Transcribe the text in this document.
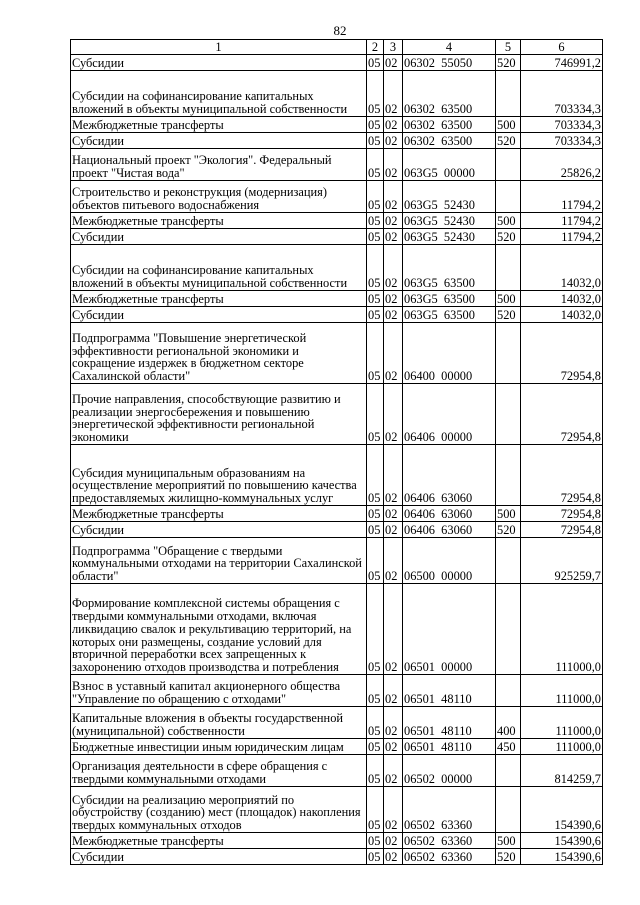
82
1	2	3	4	5	6
Субсидии	05	02	06302  55050	520	746991,2
Субсидии на софинансирование капитальных вложений в объекты муниципальной собственности	05	02	06302  63500		703334,3
Межбюджетные трансферты	05	02	06302  63500	500	703334,3
Субсидии	05	02	06302  63500	520	703334,3
Национальный проект "Экология". Федеральный проект "Чистая вода"	05	02	063G5  00000		25826,2
Строительство и реконструкция (модернизация) объектов питьевого водоснабжения	05	02	063G5  52430		11794,2
Межбюджетные трансферты	05	02	063G5  52430	500	11794,2
Субсидии	05	02	063G5  52430	520	11794,2
Субсидии на софинансирование капитальных вложений в объекты муниципальной собственности	05	02	063G5  63500		14032,0
Межбюджетные трансферты	05	02	063G5  63500	500	14032,0
Субсидии	05	02	063G5  63500	520	14032,0
Подпрограмма "Повышение энергетической эффективности региональной экономики и сокращение издержек в бюджетном секторе Сахалинской области"	05	02	06400  00000		72954,8
Прочие направления, способствующие развитию и реализации энергосбережения и повышению энергетической эффективности региональной экономики	05	02	06406  00000		72954,8
Субсидия муниципальным образованиям на осуществление мероприятий по повышению качества предоставляемых жилищно-коммунальных услуг	05	02	06406  63060		72954,8
Межбюджетные трансферты	05	02	06406  63060	500	72954,8
Субсидии	05	02	06406  63060	520	72954,8
Подпрограмма "Обращение с твердыми коммунальными отходами на территории Сахалинской области"	05	02	06500  00000		925259,7
Формирование комплексной системы обращения с твердыми коммунальными отходами, включая ликвидацию свалок и рекультивацию территорий, на которых они размещены, создание условий для вторичной переработки всех запрещенных к захоронению отходов производства и потребления	05	02	06501  00000		111000,0
Взнос в уставный капитал акционерного общества "Управление по обращению с отходами"	05	02	06501  48110		111000,0
Капитальные вложения в объекты государственной (муниципальной) собственности	05	02	06501  48110	400	111000,0
Бюджетные инвестиции иным юридическим лицам	05	02	06501  48110	450	111000,0
Организация деятельности в сфере обращения с твердыми коммунальными отходами	05	02	06502  00000		814259,7
Субсидии на реализацию мероприятий по обустройству (созданию) мест (площадок) накопления твердых коммунальных отходов	05	02	06502  63360		154390,6
Межбюджетные трансферты	05	02	06502  63360	500	154390,6
Субсидии	05	02	06502  63360	520	154390,6
